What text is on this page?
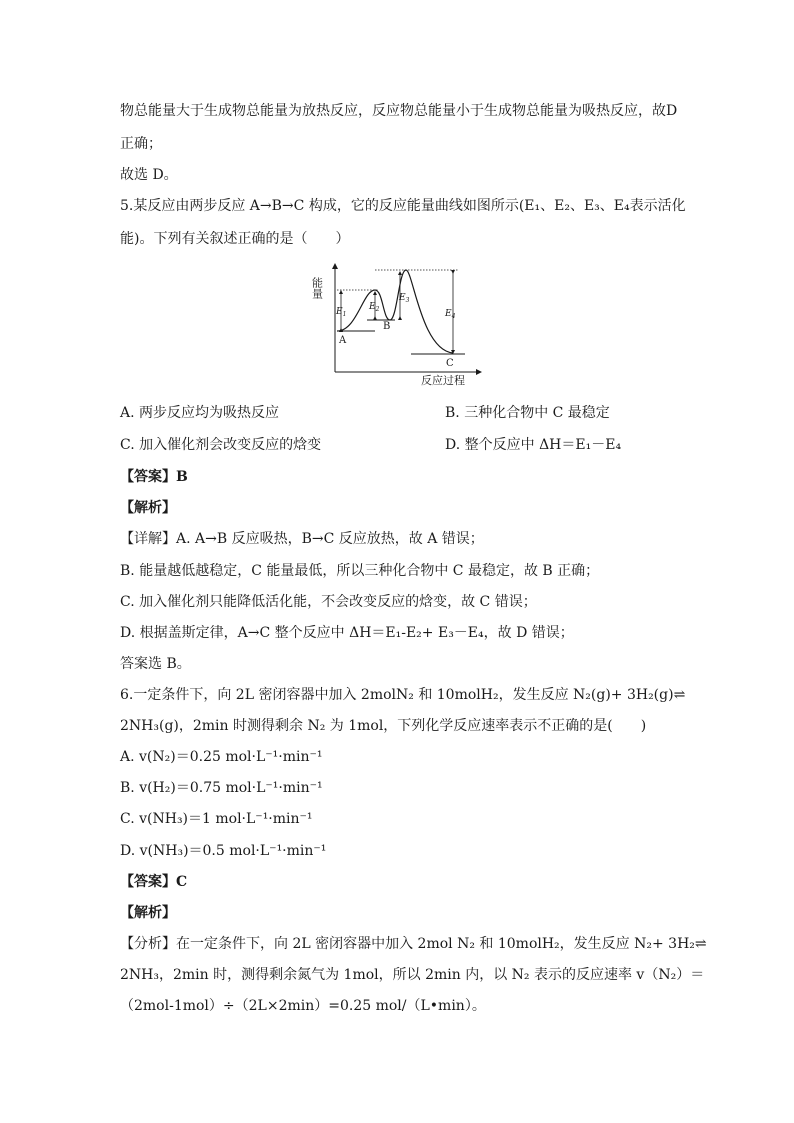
物总能量大于生成物总能量为放热反应，反应物总能量小于生成物总能量为吸热反应，故D
正确；
故选 D。
5.某反应由两步反应 A→B→C 构成，它的反应能量曲线如图所示(E₁、E₂、E₃、E₄表示活化
能)。下列有关叙述正确的是（　　）
能量
反应过程
A
B
C
$E_1$
$E_2$
$E_3$
$E_4$
A. 两步反应均为吸热反应	B. 三种化合物中 C 最稳定
C. 加入催化剂会改变反应的焓变	D. 整个反应中 ΔH＝E₁－E₄
【答案】B
【解析】
【详解】A. A→B 反应吸热，B→C 反应放热，故 A 错误；
B. 能量越低越稳定，C 能量最低，所以三种化合物中 C 最稳定，故 B 正确；
C. 加入催化剂只能降低活化能，不会改变反应的焓变，故 C 错误；
D. 根据盖斯定律，A→C 整个反应中 ΔH＝E₁-E₂+ E₃－E₄，故 D 错误；
答案选 B。
6.一定条件下，向 2L 密闭容器中加入 2molN₂ 和 10molH₂，发生反应 N₂(g)+ 3H₂(g)⇌
2NH₃(g)，2min 时测得剩余 N₂ 为 1mol，下列化学反应速率表示不正确的是(　　)
A. v(N₂)＝0.25 mol·L⁻¹·min⁻¹
B. v(H₂)＝0.75 mol·L⁻¹·min⁻¹
C. v(NH₃)＝1 mol·L⁻¹·min⁻¹
D. v(NH₃)＝0.5 mol·L⁻¹·min⁻¹
【答案】C
【解析】
【分析】在一定条件下，向 2L 密闭容器中加入 2mol N₂ 和 10molH₂，发生反应 N₂+ 3H₂⇌
2NH₃，2min 时，测得剩余氮气为 1mol，所以 2min 内，以 N₂ 表示的反应速率 v（N₂）＝
（2mol-1mol）÷（2L×2min）=0.25 mol/（L•min）。
